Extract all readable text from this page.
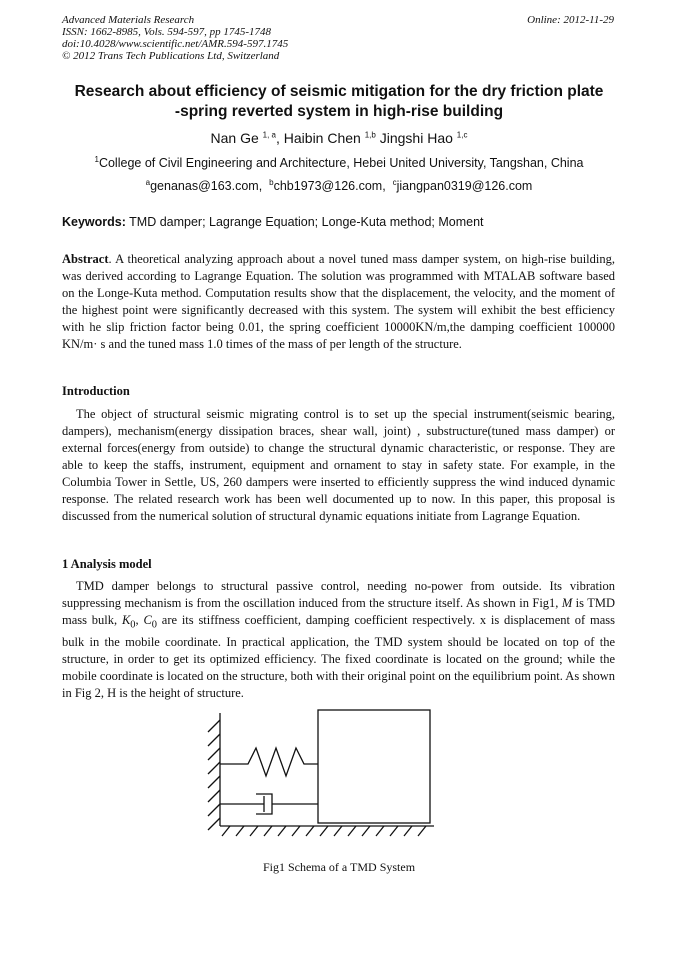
Advanced Materials Research
ISSN: 1662-8985, Vols. 594-597, pp 1745-1748
doi:10.4028/www.scientific.net/AMR.594-597.1745
© 2012 Trans Tech Publications Ltd, Switzerland
Online: 2012-11-29
Research about efficiency of seismic mitigation for the dry friction plate
-spring reverted system in high-rise building
Nan Ge $^{1, a}$, Haibin Chen $^{1,b}$ Jingshi Hao $^{1,c}$
$^1$College of Civil Engineering and Architecture, Hebei United University, Tangshan, China
$^a$genanas@163.com, $^b$chb1973@126.com, $^c$jiangpan0319@126.com
Keywords: TMD damper; Lagrange Equation; Longe-Kuta method; Moment
Abstract. A theoretical analyzing approach about a novel tuned mass damper system, on high-rise building, was derived according to Lagrange Equation. The solution was programmed with MTALAB software based on the Longe-Kuta method. Computation results show that the displacement, the velocity, and the moment of the highest point were significantly decreased with this system. The system will exhibit the best efficiency with he slip friction factor being 0.01, the spring coefficient 10000KN/m,the damping coefficient 100000 KN/m· s and the tuned mass 1.0 times of the mass of per length of the structure.
Introduction
The object of structural seismic migrating control is to set up the special instrument(seismic bearing, dampers), mechanism(energy dissipation braces, shear wall, joint) , substructure(tuned mass damper) or external forces(energy from outside) to change the structural dynamic characteristic, or response. They are able to keep the staffs, instrument, equipment and ornament to stay in safety state. For example, in the Columbia Tower in Settle, US, 260 dampers were inserted to efficiently suppress the wind induced dynamic response. The related research work has been well documented up to now. In this paper, this proposal is discussed from the numerical solution of structural dynamic equations initiate from Lagrange Equation.
1 Analysis model
TMD damper belongs to structural passive control, needing no-power from outside. Its vibration suppressing mechanism is from the oscillation induced from the structure itself. As shown in Fig1, M is TMD mass bulk, $K_0$, $C_0$ are its stiffness coefficient, damping coefficient respectively. x is displacement of mass bulk in the mobile coordinate. In practical application, the TMD system should be located on top of the structure, in order to get its optimized efficiency. The fixed coordinate is located on the ground; while the mobile coordinate is located on the structure, both with their original point on the equilibrium point. As shown in Fig 2, H is the height of structure.
Fig1 Schema of a TMD System
